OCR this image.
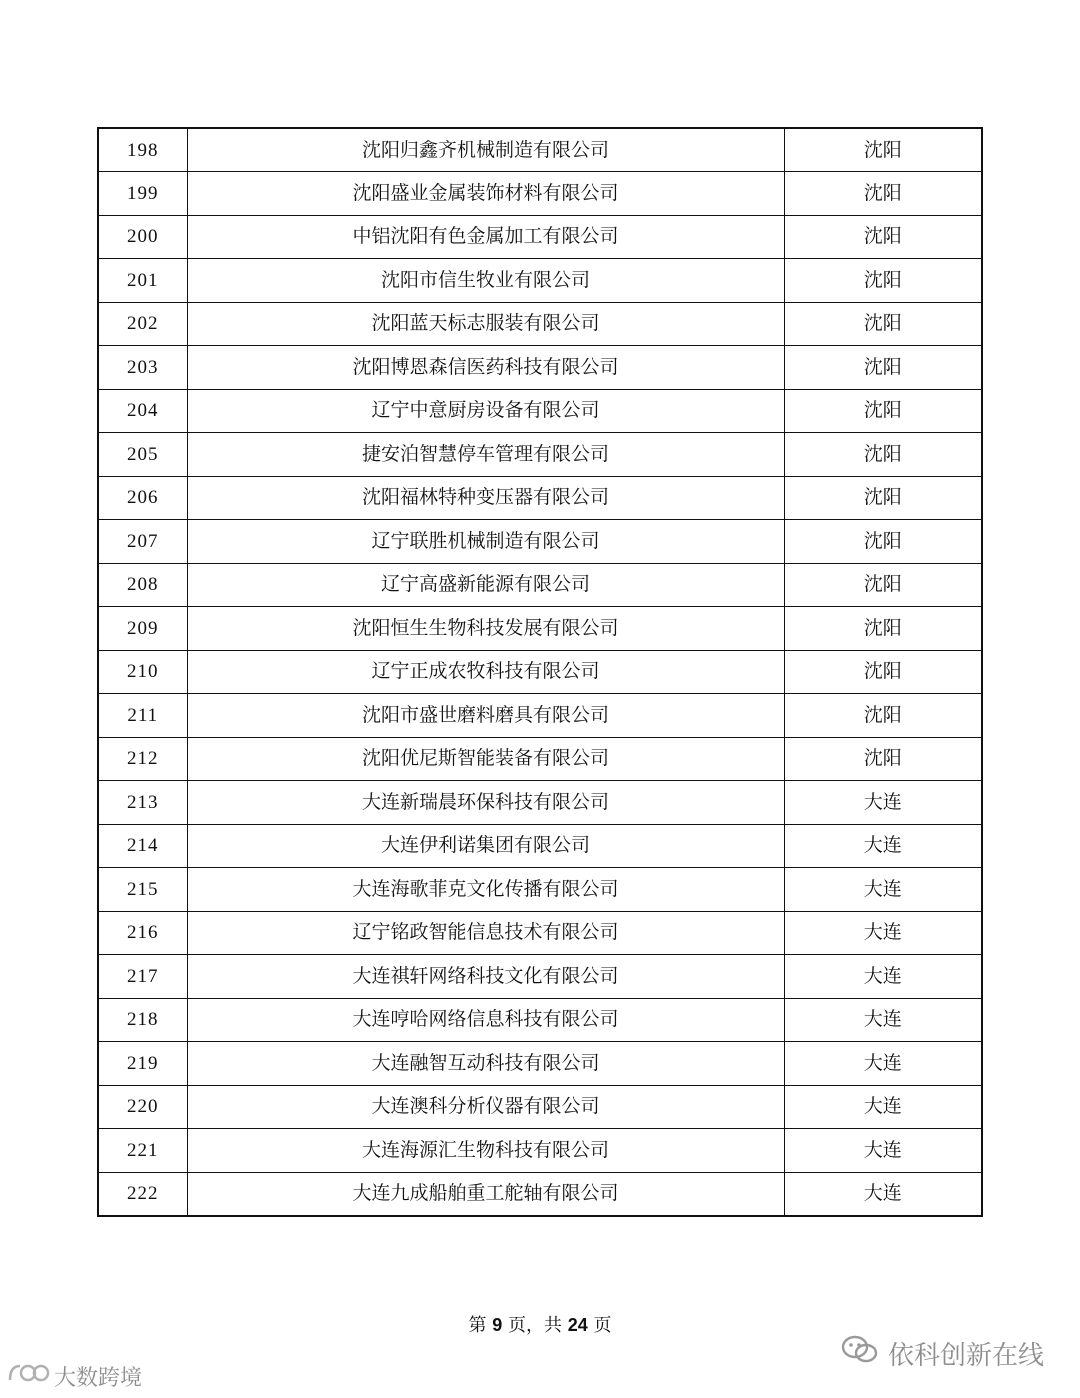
198	沈阳归鑫齐机械制造有限公司	沈阳
199	沈阳盛业金属装饰材料有限公司	沈阳
200	中铝沈阳有色金属加工有限公司	沈阳
201	沈阳市信生牧业有限公司	沈阳
202	沈阳蓝天标志服装有限公司	沈阳
203	沈阳博恩森信医药科技有限公司	沈阳
204	辽宁中意厨房设备有限公司	沈阳
205	捷安泊智慧停车管理有限公司	沈阳
206	沈阳福林特种变压器有限公司	沈阳
207	辽宁联胜机械制造有限公司	沈阳
208	辽宁高盛新能源有限公司	沈阳
209	沈阳恒生生物科技发展有限公司	沈阳
210	辽宁正成农牧科技有限公司	沈阳
211	沈阳市盛世磨料磨具有限公司	沈阳
212	沈阳优尼斯智能装备有限公司	沈阳
213	大连新瑞晨环保科技有限公司	大连
214	大连伊利诺集团有限公司	大连
215	大连海歌菲克文化传播有限公司	大连
216	辽宁铭政智能信息技术有限公司	大连
217	大连祺轩网络科技文化有限公司	大连
218	大连哼哈网络信息科技有限公司	大连
219	大连融智互动科技有限公司	大连
220	大连澳科分析仪器有限公司	大连
221	大连海源汇生物科技有限公司	大连
222	大连九成船舶重工舵轴有限公司	大连
第 9 页，共 24 页
依科创新在线
大数跨境
